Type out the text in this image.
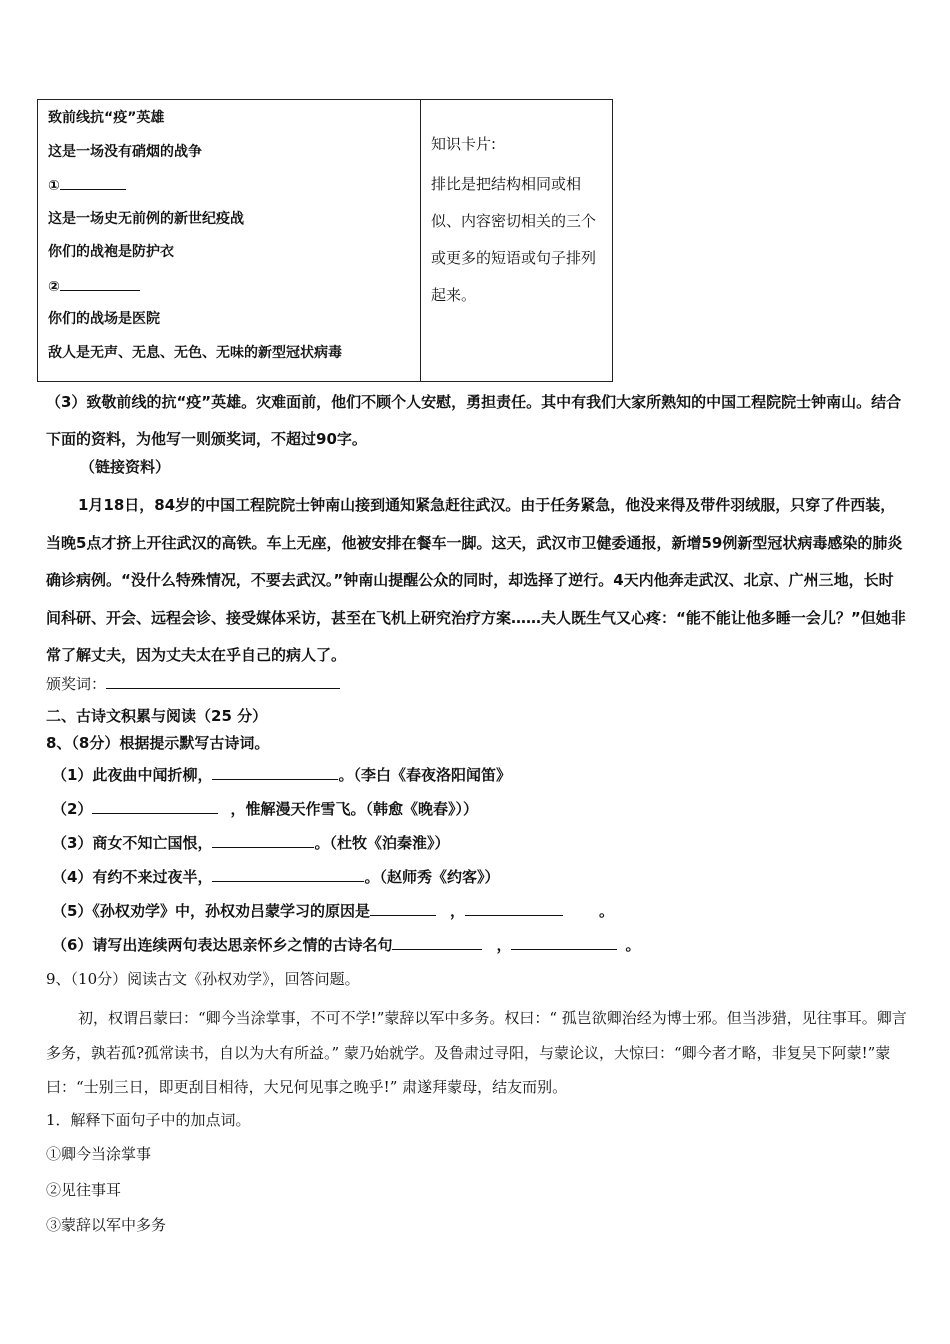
致前线抗“疫”英雄
这是一场没有硝烟的战争
①
这是一场史无前例的新世纪疫战
你们的战袍是防护衣
②
你们的战场是医院
敌人是无声、无息、无色、无味的新型冠状病毒
知识卡片:
排比是把结构相同或相似、内容密切相关的三个或更多的短语或句子排列起来。
（3）致敬前线的抗“疫”英雄。灾难面前，他们不顾个人安慰，勇担责任。其中有我们大家所熟知的中国工程院院士钟南山。结合下面的资料，为他写一则颁奖词，不超过90字。
（链接资料）
1月18日，84岁的中国工程院院士钟南山接到通知紧急赶往武汉。由于任务紧急，他没来得及带件羽绒服，只穿了件西装，当晚5点才挤上开往武汉的高铁。车上无座，他被安排在餐车一脚。这天，武汉市卫健委通报，新增59例新型冠状病毒感染的肺炎确诊病例。“没什么特殊情况，不要去武汉。”钟南山提醒公众的同时，却选择了逆行。4天内他奔走武汉、北京、广州三地，长时间科研、开会、远程会诊、接受媒体采访，甚至在飞机上研究治疗方案……夫人既生气又心疼：“能不能让他多睡一会儿？”但她非常了解丈夫，因为丈夫太在乎自己的病人了。
颁奖词：
二、古诗文积累与阅读（25 分）
8、（8分）根据提示默写古诗词。
（1）此夜曲中闻折柳，	。（李白《春夜洛阳闻笛》
（2）	，惟解漫天作雪飞。（韩愈《晚春》））
（3）商女不知亡国恨，	。（杜牧《泊秦淮》）
（4）有约不来过夜半，	。（赵师秀《约客》）
（5）《孙权劝学》中，孙权劝吕蒙学习的原因是	，	。
（6）请写出连续两句表达思亲怀乡之情的古诗名句	，	。
9、（10分）阅读古文《孙权劝学》，回答问题。
初，权谓吕蒙曰：“卿今当涂掌事，不可不学!”蒙辞以军中多务。权曰：“ 孤岂欲卿治经为博士邪。但当涉猎，见往事耳。卿言多务，孰若孤?孤常读书，自以为大有所益。” 蒙乃始就学。及鲁肃过寻阳，与蒙论议，大惊曰：“卿今者才略，非复吴下阿蒙!”蒙曰：“士别三日，即更刮目相待，大兄何见事之晚乎!” 肃遂拜蒙母，结友而别。
1．解释下面句子中的加点词。
①卿今当涂掌事
②见往事耳
③蒙辞以军中多务
